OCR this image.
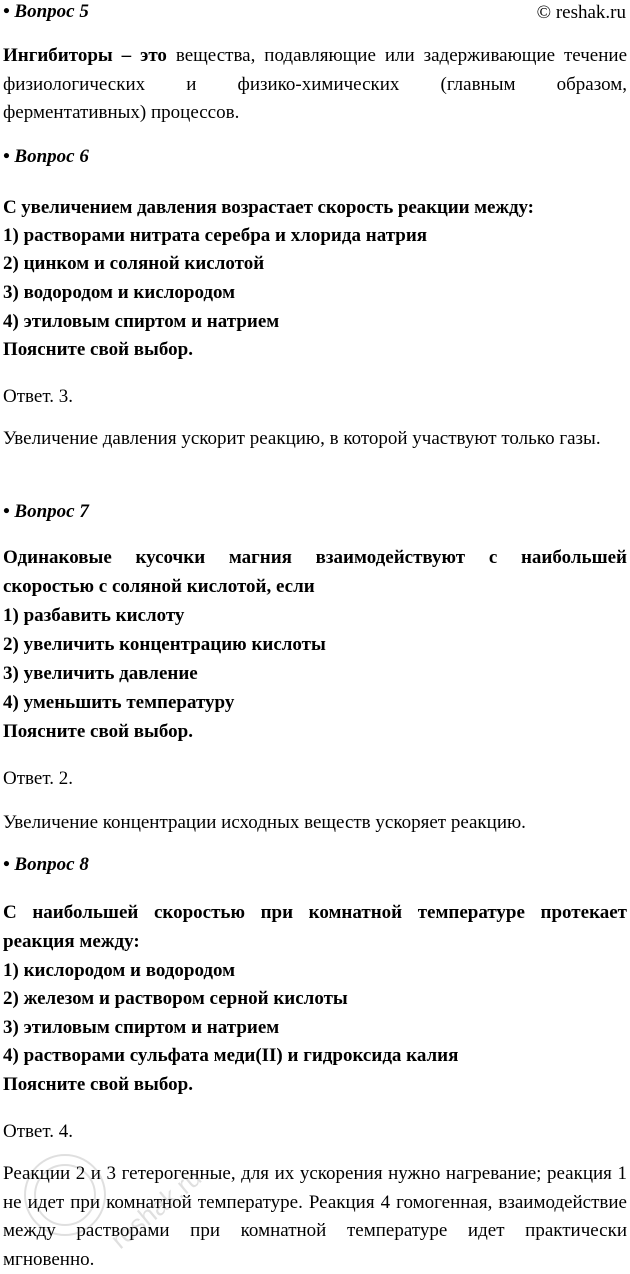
• Вопрос 5	© reshak.ru

Ингибиторы – это вещества, подавляющие или задерживающие течение физиологических и физико-химических (главным образом, ферментативных) процессов.

• Вопрос 6
С увеличением давления возрастает скорость реакции между:
1) растворами нитрата серебра и хлорида натрия
2) цинком и соляной кислотой
3) водородом и кислородом
4) этиловым спиртом и натрием
Поясните свой выбор.
Ответ. 3.

Увеличение давления ускорит реакцию, в которой участвуют только газы.

• Вопрос 7

Одинаковые кусочки магния взаимодействуют с наибольшей скоростью с соляной кислотой, если

1) разбавить кислоту
2) увеличить концентрацию кислоты
3) увеличить давление
4) уменьшить температуру
Поясните свой выбор.
Ответ. 2.
Увеличение концентрации исходных веществ ускоряет реакцию.
• Вопрос 8

С наибольшей скоростью при комнатной температуре протекает реакция между:

1) кислородом и водородом
2) железом и раствором серной кислоты
3) этиловым спиртом и натрием
4) растворами сульфата меди(II) и гидроксида калия
Поясните свой выбор.
Ответ. 4.

Реакции 2 и 3 гетерогенные, для их ускорения нужно нагревание; реакция 1 не идет при комнатной температуре. Реакция 4 гомогенная, взаимодействие между растворами при комнатной температуре идет практически мгновенно.

reshak.ru
